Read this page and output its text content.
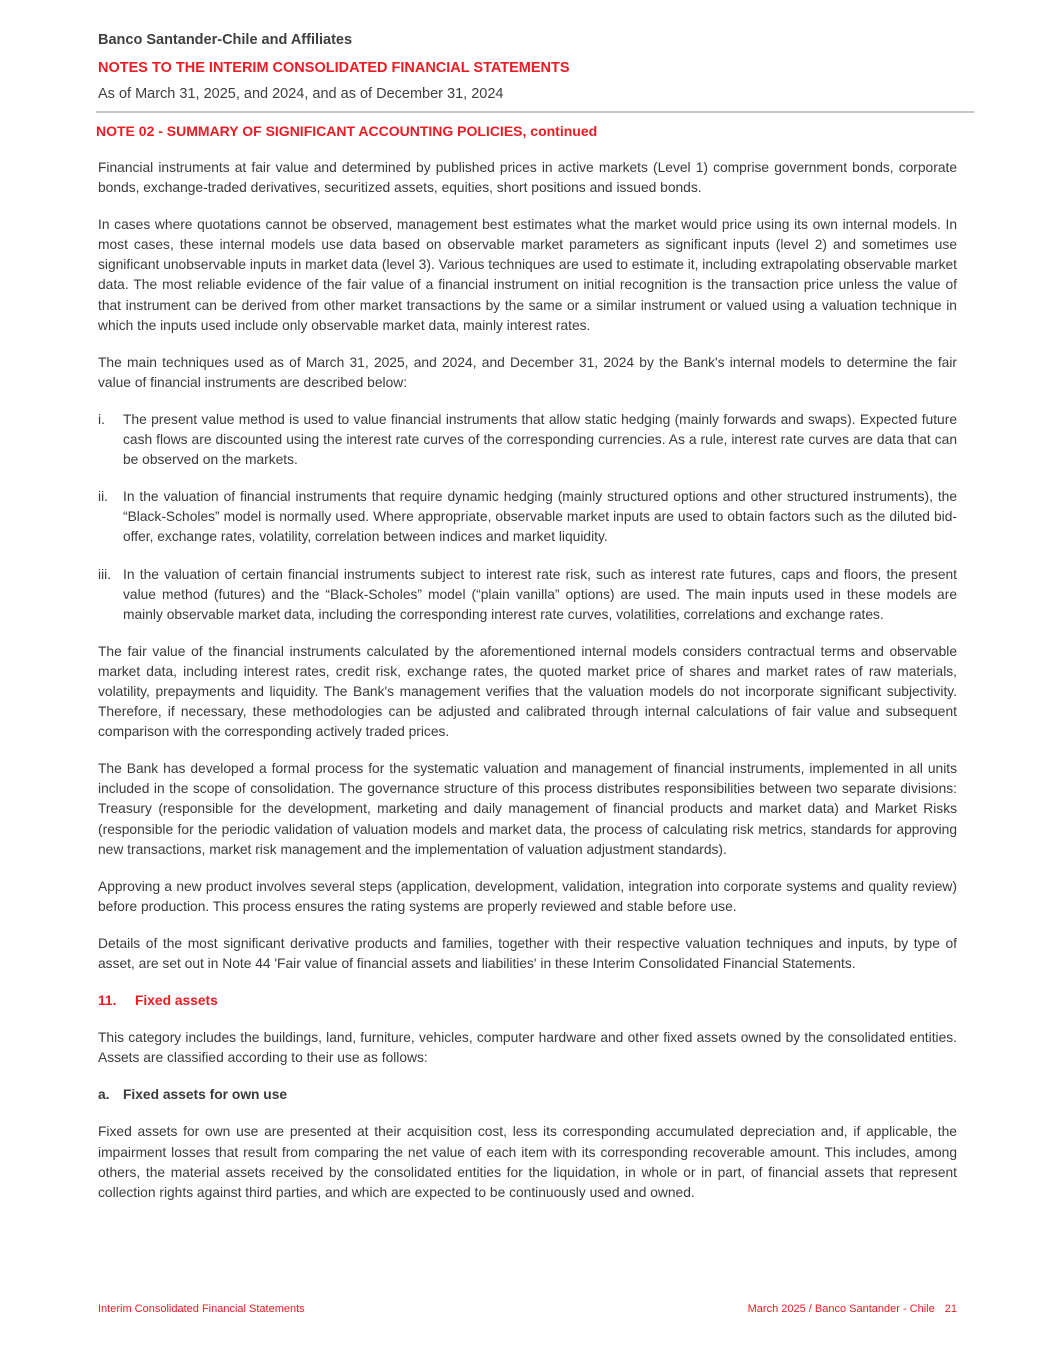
Banco Santander-Chile and Affiliates

NOTES TO THE INTERIM CONSOLIDATED FINANCIAL STATEMENTS

As of March 31, 2025, and 2024, and as of December 31, 2024

NOTE 02 - SUMMARY OF SIGNIFICANT ACCOUNTING POLICIES, continued

Financial instruments at fair value and determined by published prices in active markets (Level 1) comprise government bonds, corporate bonds, exchange-traded derivatives, securitized assets, equities, short positions and issued bonds.

In cases where quotations cannot be observed, management best estimates what the market would price using its own internal models. In most cases, these internal models use data based on observable market parameters as significant inputs (level 2) and sometimes use significant unobservable inputs in market data (level 3). Various techniques are used to estimate it, including extrapolating observable market data. The most reliable evidence of the fair value of a financial instrument on initial recognition is the transaction price unless the value of that instrument can be derived from other market transactions by the same or a similar instrument or valued using a valuation technique in which the inputs used include only observable market data, mainly interest rates.

The main techniques used as of March 31, 2025, and 2024, and December 31, 2024 by the Bank's internal models to determine the fair value of financial instruments are described below:

i.	The present value method is used to value financial instruments that allow static hedging (mainly forwards and swaps). Expected future cash flows are discounted using the interest rate curves of the corresponding currencies. As a rule, interest rate curves are data that can be observed on the markets.
ii.	In the valuation of financial instruments that require dynamic hedging (mainly structured options and other structured instruments), the “Black-Scholes” model is normally used. Where appropriate, observable market inputs are used to obtain factors such as the diluted bid-offer, exchange rates, volatility, correlation between indices and market liquidity.
iii. In the valuation of certain financial instruments subject to interest rate risk, such as interest rate futures, caps and floors, the present value method (futures) and the “Black-Scholes” model (“plain vanilla” options) are used. The main inputs used in these models are mainly observable market data, including the corresponding interest rate curves, volatilities, correlations and exchange rates.

The fair value of the financial instruments calculated by the aforementioned internal models considers contractual terms and observable market data, including interest rates, credit risk, exchange rates, the quoted market price of shares and market rates of raw materials, volatility, prepayments and liquidity. The Bank's management verifies that the valuation models do not incorporate significant subjectivity. Therefore, if necessary, these methodologies can be adjusted and calibrated through internal calculations of fair value and subsequent comparison with the corresponding actively traded prices.

The Bank has developed a formal process for the systematic valuation and management of financial instruments, implemented in all units included in the scope of consolidation. The governance structure of this process distributes responsibilities between two separate divisions: Treasury (responsible for the development, marketing and daily management of financial products and market data) and Market Risks (responsible for the periodic validation of valuation models and market data, the process of calculating risk metrics, standards for approving new transactions, market risk management and the implementation of valuation adjustment standards).

Approving a new product involves several steps (application, development, validation, integration into corporate systems and quality review) before production. This process ensures the rating systems are properly reviewed and stable before use.

Details of the most significant derivative products and families, together with their respective valuation techniques and inputs, by type of asset, are set out in Note 44 'Fair value of financial assets and liabilities' in these Interim Consolidated Financial Statements.

11. Fixed assets

This category includes the buildings, land, furniture, vehicles, computer hardware and other fixed assets owned by the consolidated entities. Assets are classified according to their use as follows:

a. Fixed assets for own use

Fixed assets for own use are presented at their acquisition cost, less its corresponding accumulated depreciation and, if applicable, the impairment losses that result from comparing the net value of each item with its corresponding recoverable amount. This includes, among others, the material assets received by the consolidated entities for the liquidation, in whole or in part, of financial assets that represent collection rights against third parties, and which are expected to be continuously used and owned.

Interim Consolidated Financial Statements	March 2025 / Banco Santander - Chile 21
